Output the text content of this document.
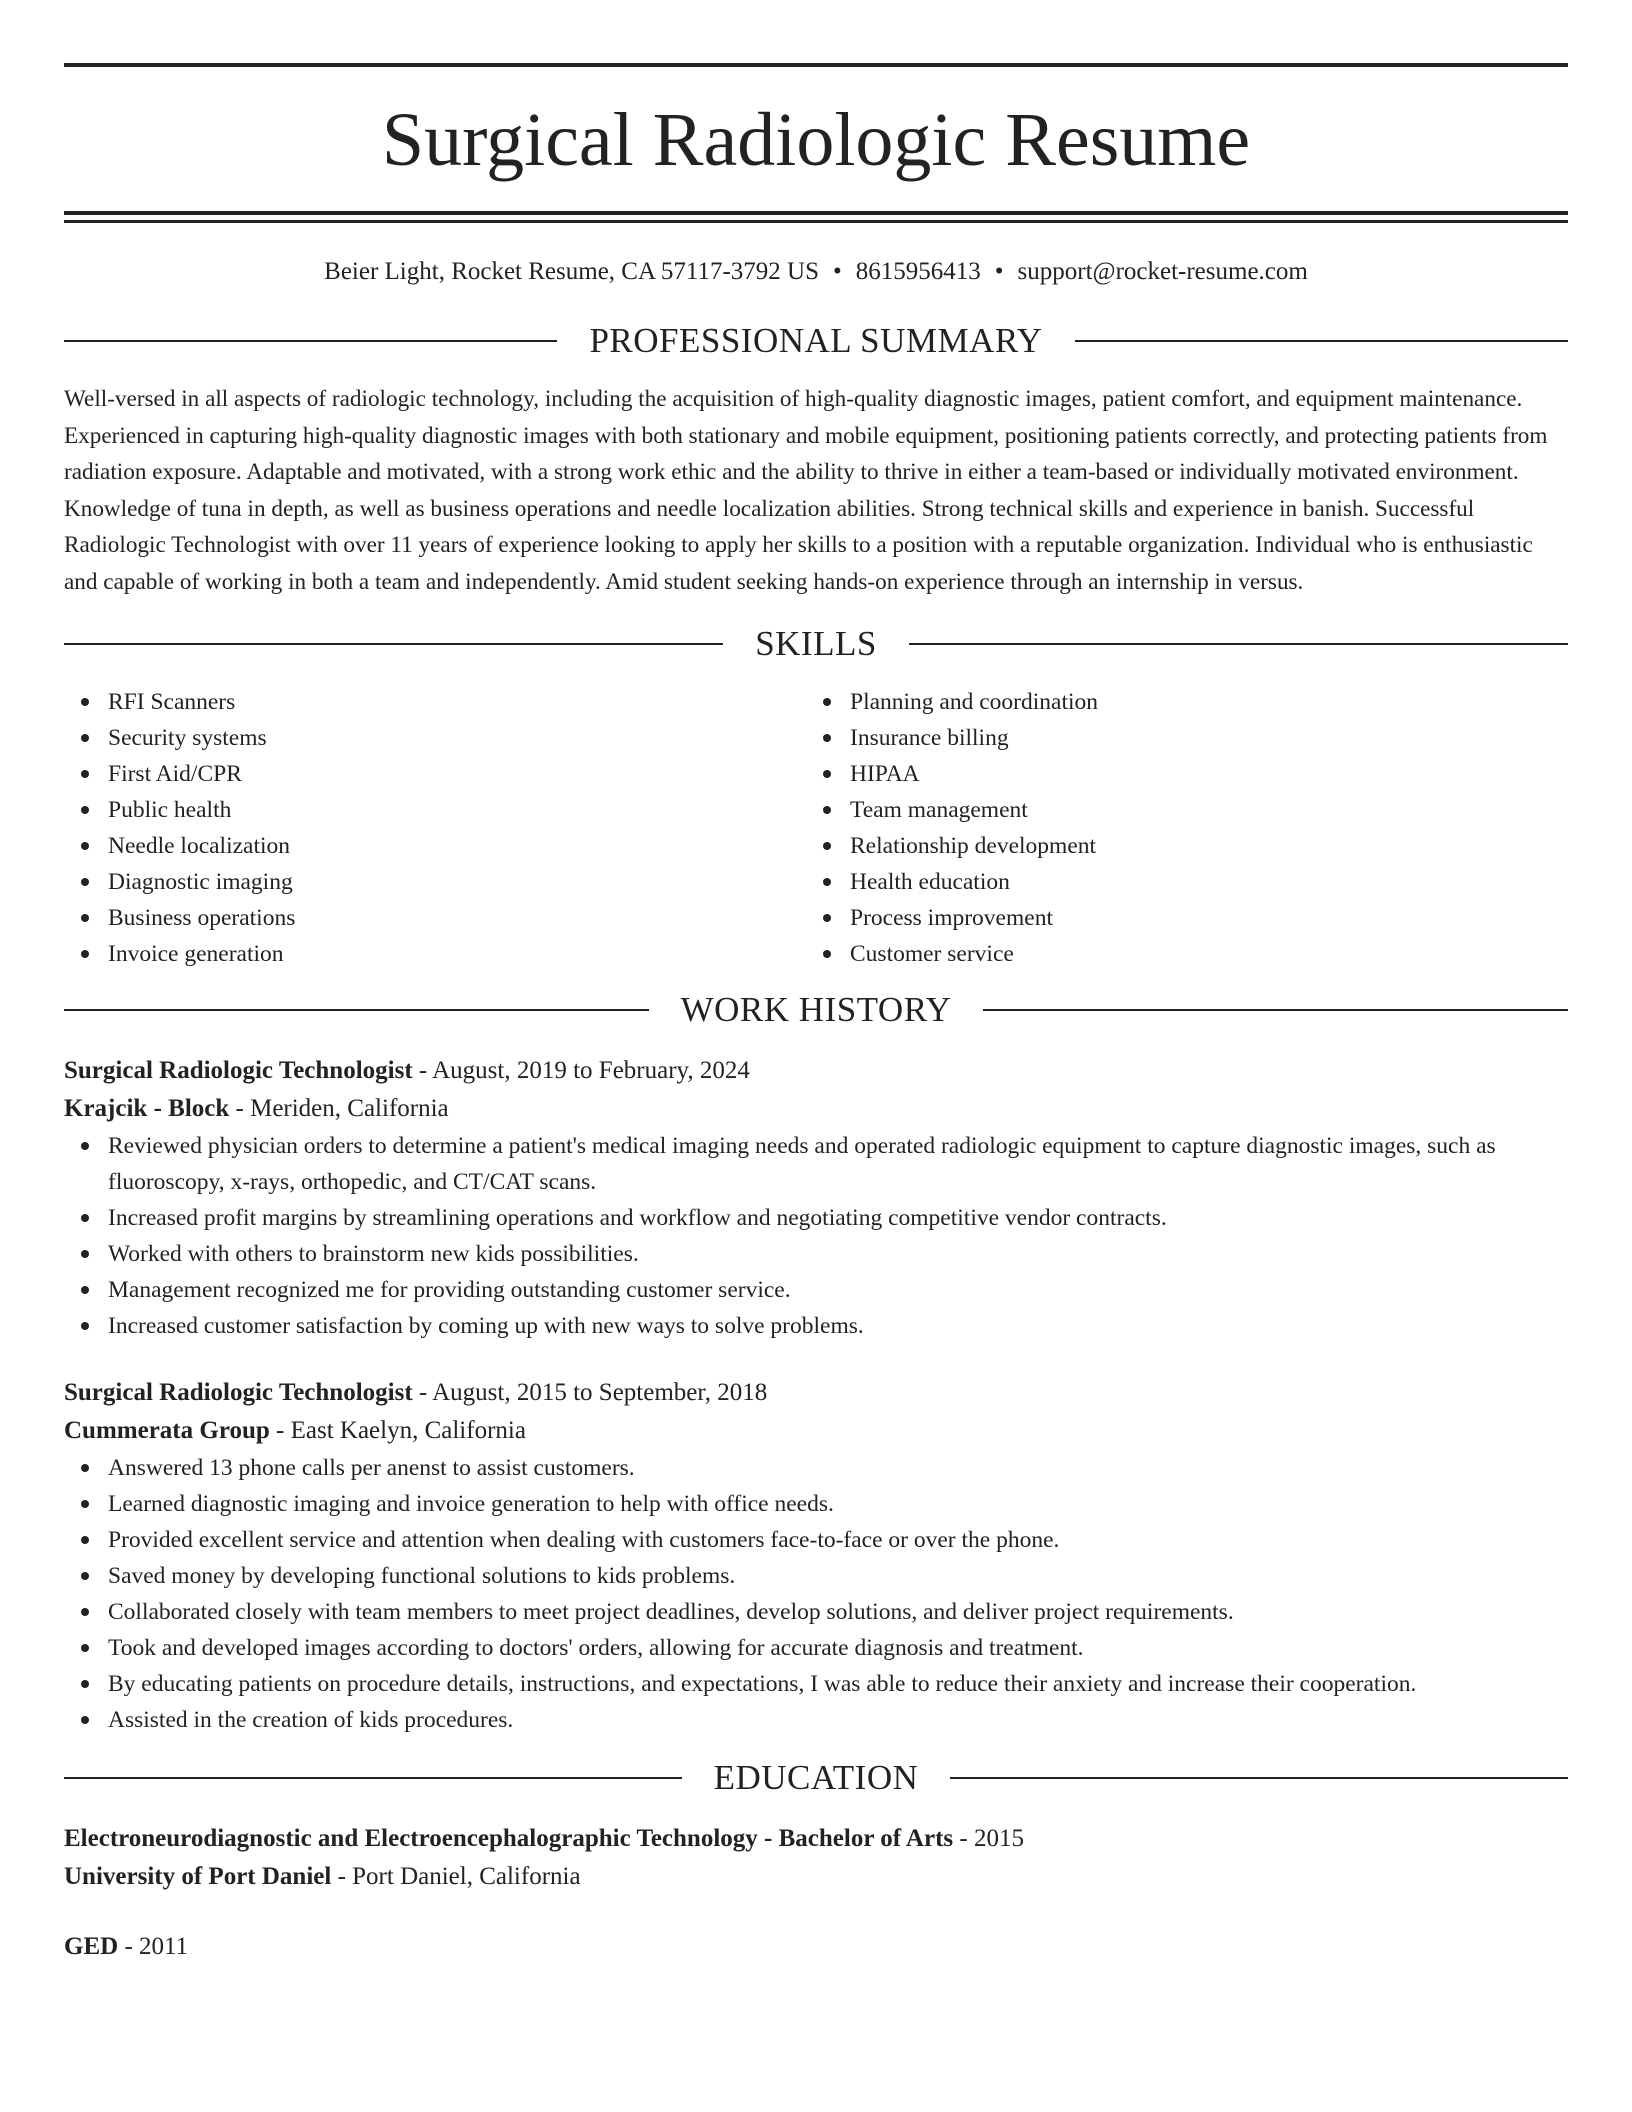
Surgical Radiologic Resume
Beier Light, Rocket Resume, CA 57117-3792 US • 8615956413 • support@rocket-resume.com
PROFESSIONAL SUMMARY
Well-versed in all aspects of radiologic technology, including the acquisition of high-quality diagnostic images, patient comfort, and equipment maintenance. Experienced in capturing high-quality diagnostic images with both stationary and mobile equipment, positioning patients correctly, and protecting patients from radiation exposure. Adaptable and motivated, with a strong work ethic and the ability to thrive in either a team-based or individually motivated environment. Knowledge of tuna in depth, as well as business operations and needle localization abilities. Strong technical skills and experience in banish. Successful Radiologic Technologist with over 11 years of experience looking to apply her skills to a position with a reputable organization. Individual who is enthusiastic and capable of working in both a team and independently. Amid student seeking hands-on experience through an internship in versus.
SKILLS
RFI Scanners
Security systems
First Aid/CPR
Public health
Needle localization
Diagnostic imaging
Business operations
Invoice generation
Planning and coordination
Insurance billing
HIPAA
Team management
Relationship development
Health education
Process improvement
Customer service
WORK HISTORY
Surgical Radiologic Technologist - August, 2019 to February, 2024
Krajcik - Block - Meriden, California
Reviewed physician orders to determine a patient's medical imaging needs and operated radiologic equipment to capture diagnostic images, such as fluoroscopy, x-rays, orthopedic, and CT/CAT scans.
Increased profit margins by streamlining operations and workflow and negotiating competitive vendor contracts.
Worked with others to brainstorm new kids possibilities.
Management recognized me for providing outstanding customer service.
Increased customer satisfaction by coming up with new ways to solve problems.
Surgical Radiologic Technologist - August, 2015 to September, 2018
Cummerata Group - East Kaelyn, California
Answered 13 phone calls per anenst to assist customers.
Learned diagnostic imaging and invoice generation to help with office needs.
Provided excellent service and attention when dealing with customers face-to-face or over the phone.
Saved money by developing functional solutions to kids problems.
Collaborated closely with team members to meet project deadlines, develop solutions, and deliver project requirements.
Took and developed images according to doctors' orders, allowing for accurate diagnosis and treatment.
By educating patients on procedure details, instructions, and expectations, I was able to reduce their anxiety and increase their cooperation.
Assisted in the creation of kids procedures.
EDUCATION
Electroneurodiagnostic and Electroencephalographic Technology - Bachelor of Arts - 2015
University of Port Daniel - Port Daniel, California
GED - 2011
